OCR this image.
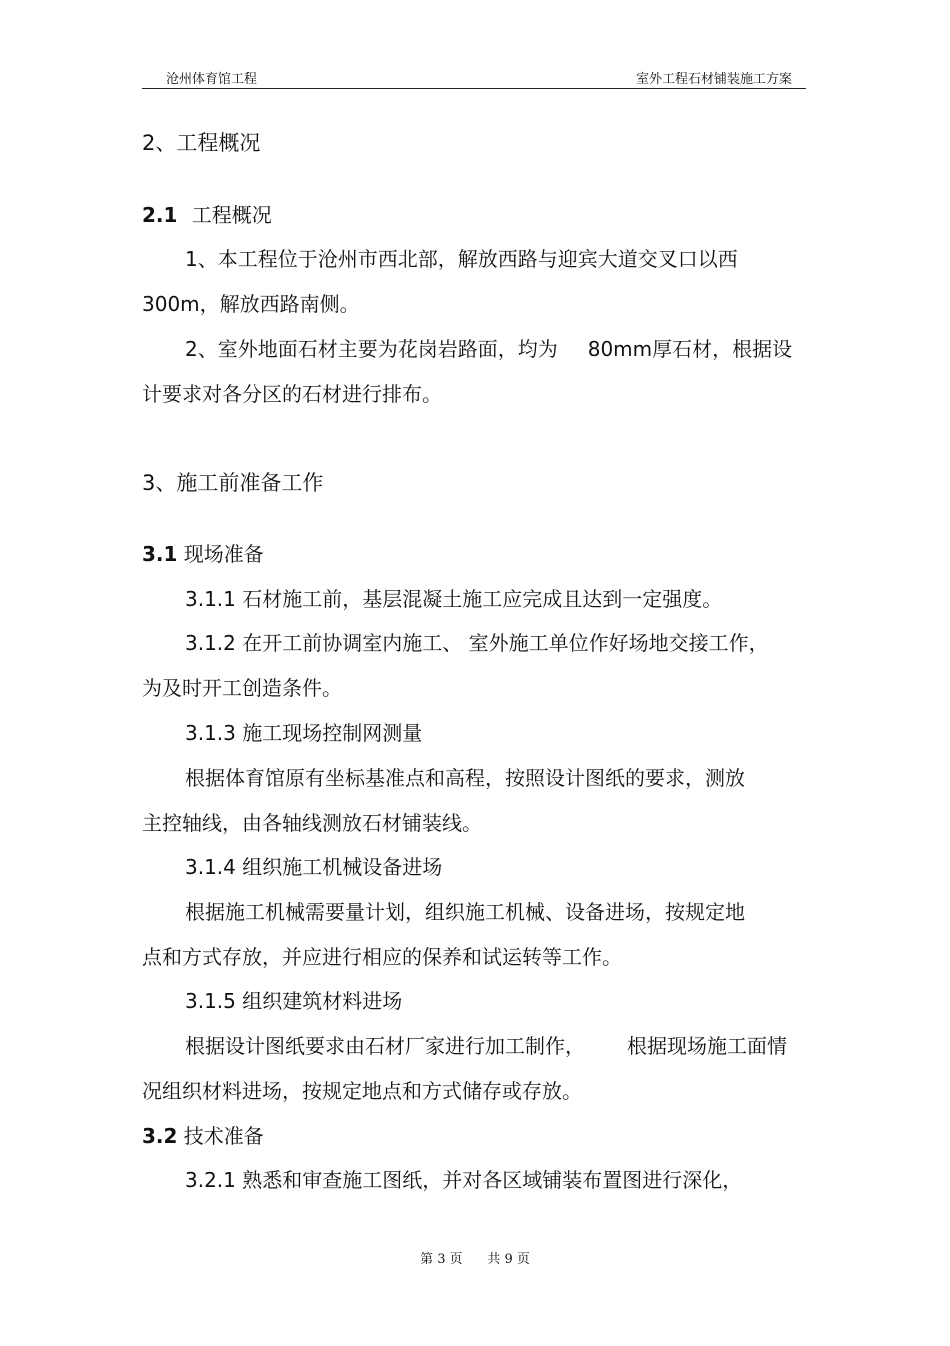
沧州体育馆工程	室外工程石材铺装施工方案
2、工程概况
2.1 工程概况
1、本工程位于沧州市西北部，解放西路与迎宾大道交叉口以西
300m，解放西路南侧。
2、室外地面石材主要为花岗岩路面，均为 80mm厚石材，根据设
计要求对各分区的石材进行排布。
3、施工前准备工作
3.1 现场准备
3.1.1 石材施工前，基层混凝土施工应完成且达到一定强度。
3.1.2 在开工前协调室内施工、 室外施工单位作好场地交接工作，
为及时开工创造条件。
3.1.3 施工现场控制网测量
根据体育馆原有坐标基准点和高程，按照设计图纸的要求，测放
主控轴线，由各轴线测放石材铺装线。
3.1.4 组织施工机械设备进场
根据施工机械需要量计划，组织施工机械、设备进场，按规定地
点和方式存放，并应进行相应的保养和试运转等工作。
3.1.5 组织建筑材料进场
根据设计图纸要求由石材厂家进行加工制作， 根据现场施工面情
况组织材料进场，按规定地点和方式储存或存放。
3.2 技术准备
3.2.1 熟悉和审查施工图纸，并对各区域铺装布置图进行深化，
第 3 页      共 9 页
